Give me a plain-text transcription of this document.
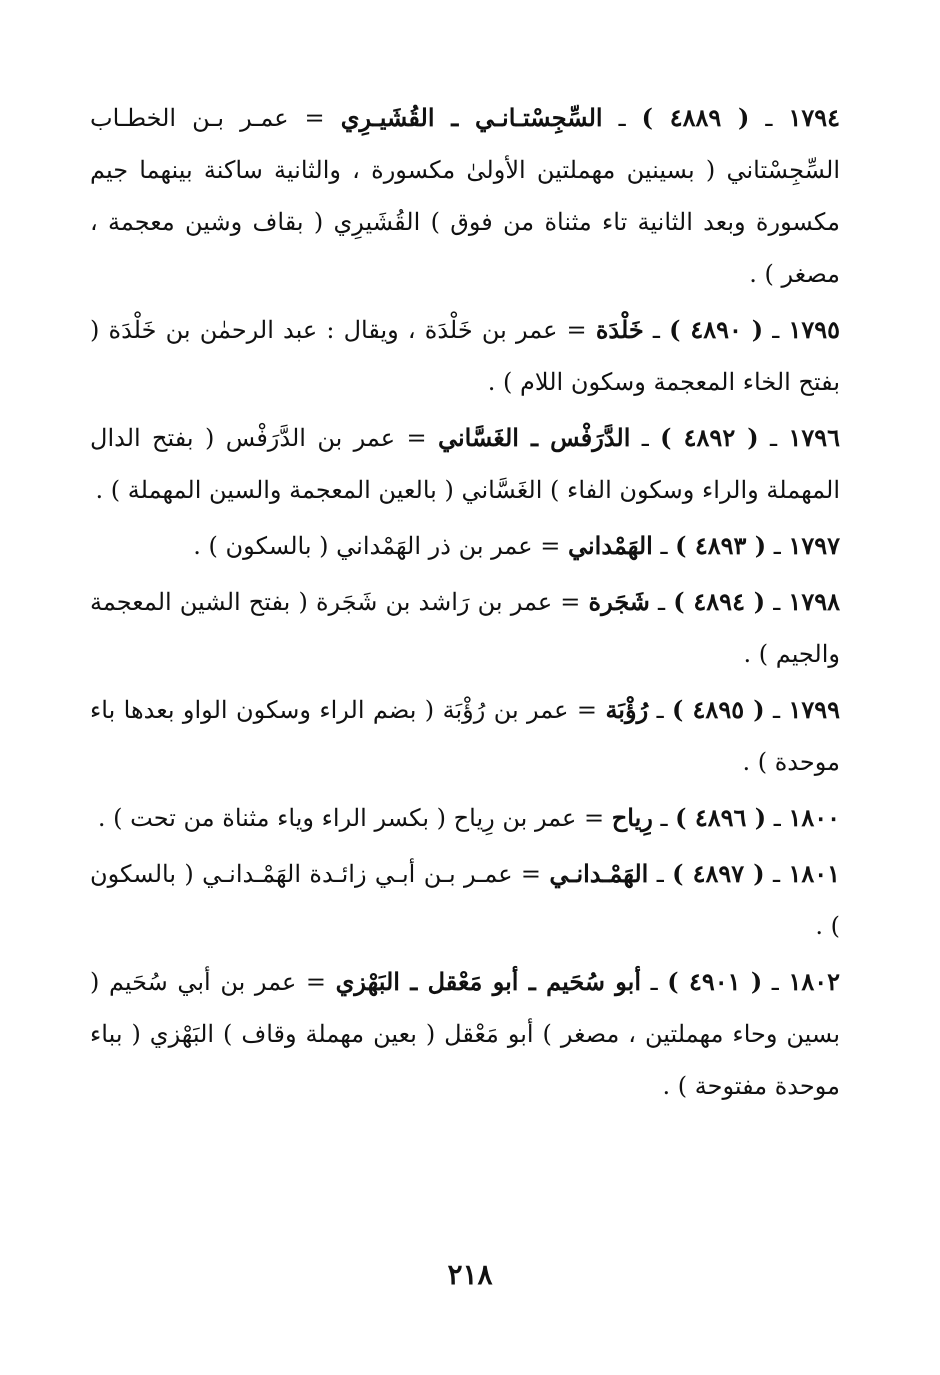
١٧٩٤ ـ ( ٤٨٨٩ ) ـ السِّجِسْتـانـي ـ القُشَيـرِي = عمـر بـن الخطـاب السِّجِسْتاني ( بسينين مهملتين الأولىٰ مكسورة ، والثانية ساكنة بينهما جيم مكسورة وبعد الثانية تاء مثناة من فوق ) القُشَيرِي ( بقاف وشين معجمة ، مصغر ) .

١٧٩٥ ـ ( ٤٨٩٠ ) ـ خَلْدَة = عمر بن خَلْدَة ، ويقال : عبد الرحمٰن بن خَلْدَة ( بفتح الخاء المعجمة وسكون اللام ) .

١٧٩٦ ـ ( ٤٨٩٢ ) ـ الدَّرَفْس ـ الغَسَّاني = عمر بن الدَّرَفْس ( بفتح الدال المهملة والراء وسكون الفاء ) الغَسَّاني ( بالعين المعجمة والسين المهملة ) .

١٧٩٧ ـ ( ٤٨٩٣ ) ـ الهَمْداني = عمر بن ذر الهَمْداني ( بالسكون ) .

١٧٩٨ ـ ( ٤٨٩٤ ) ـ شَجَرة = عمر بن رَاشد بن شَجَرة ( بفتح الشين المعجمة والجيم ) .

١٧٩٩ ـ ( ٤٨٩٥ ) ـ رُؤْبَة = عمر بن رُؤْبَة ( بضم الراء وسكون الواو بعدها باء موحدة ) .

١٨٠٠ ـ ( ٤٨٩٦ ) ـ رِياح = عمر بن رِياح ( بكسر الراء وياء مثناة من تحت ) .

١٨٠١ ـ ( ٤٨٩٧ ) ـ الهَمْـدانـي = عمـر بـن أبـي زائـدة الهَمْـدانـي ( بالسكون ) .

١٨٠٢ ـ ( ٤٩٠١ ) ـ أبو سُحَيم ـ أبو مَعْقل ـ البَهْزي = عمر بن أبي سُحَيم ( بسين وحاء مهملتين ، مصغر ) أبو مَعْقل ( بعين مهملة وقاف ) البَهْزي ( بباء موحدة مفتوحة ) .

٢١٨
